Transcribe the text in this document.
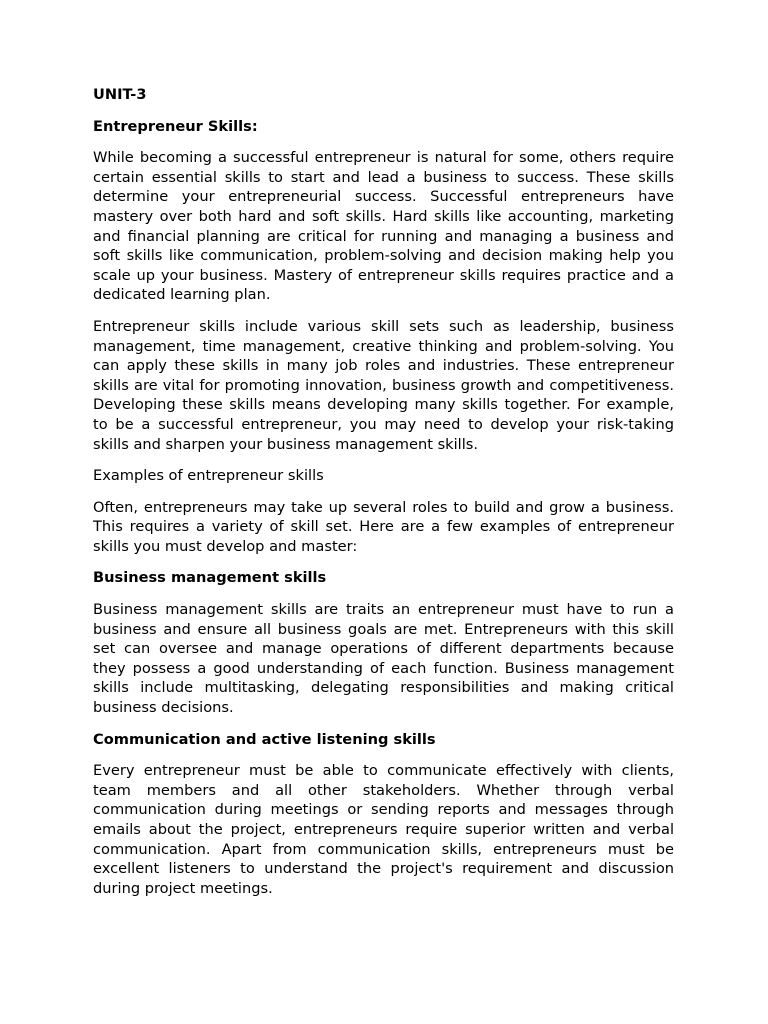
UNIT-3

Entrepreneur Skills:

While becoming a successful entrepreneur is natural for some, others require certain essential skills to start and lead a business to success. These skills determine your entrepreneurial success. Successful entrepreneurs have mastery over both hard and soft skills. Hard skills like accounting, marketing and financial planning are critical for running and managing a business and soft skills like communication, problem-solving and decision making help you scale up your business. Mastery of entrepreneur skills requires practice and a dedicated learning plan.

Entrepreneur skills include various skill sets such as leadership, business management, time management, creative thinking and problem-solving. You can apply these skills in many job roles and industries. These entrepreneur skills are vital for promoting innovation, business growth and competitiveness. Developing these skills means developing many skills together. For example, to be a successful entrepreneur, you may need to develop your risk-taking skills and sharpen your business management skills.

Examples of entrepreneur skills

Often, entrepreneurs may take up several roles to build and grow a business. This requires a variety of skill set. Here are a few examples of entrepreneur skills you must develop and master:

Business management skills

Business management skills are traits an entrepreneur must have to run a business and ensure all business goals are met. Entrepreneurs with this skill set can oversee and manage operations of different departments because they possess a good understanding of each function. Business management skills include multitasking, delegating responsibilities and making critical business decisions.

Communication and active listening skills

Every entrepreneur must be able to communicate effectively with clients, team members and all other stakeholders. Whether through verbal communication during meetings or sending reports and messages through emails about the project, entrepreneurs require superior written and verbal communication. Apart from communication skills, entrepreneurs must be excellent listeners to understand the project's requirement and discussion during project meetings.
